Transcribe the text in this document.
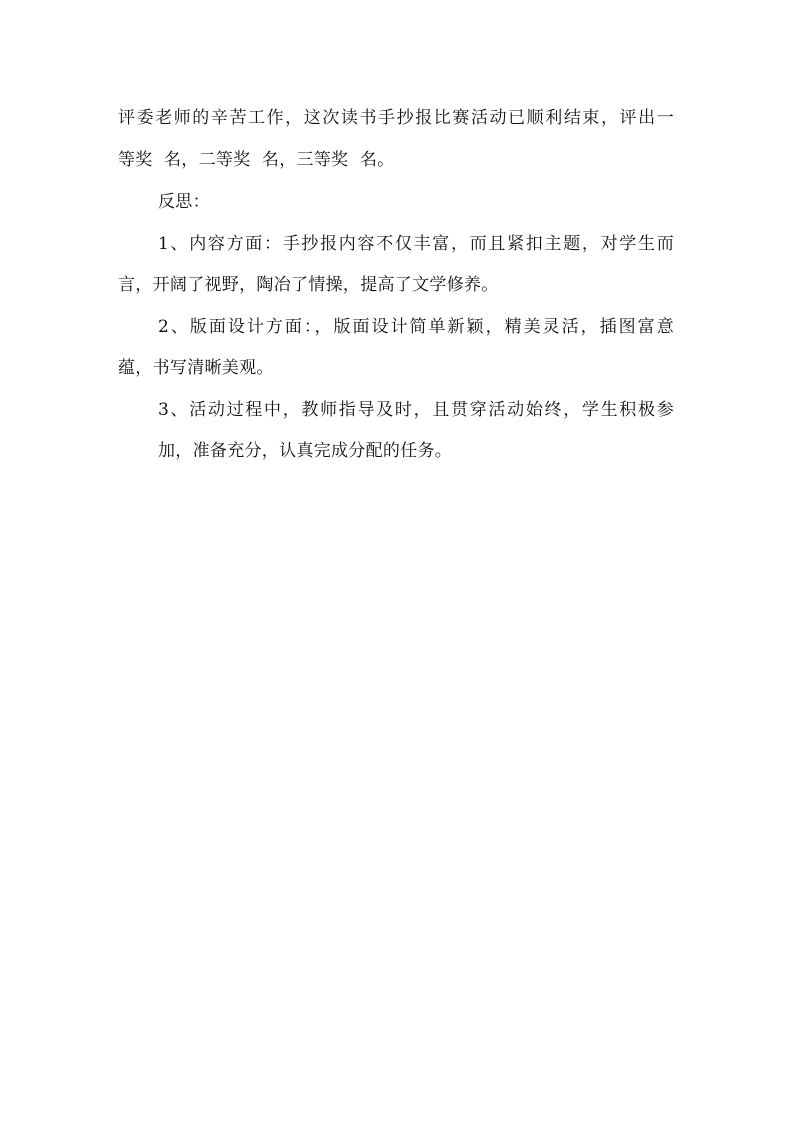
评委老师的辛苦工作，这次读书手抄报比赛活动已顺利结束，评出一
等奖  名，二等奖  名，三等奖  名。
反思：
1、内容方面：手抄报内容不仅丰富，而且紧扣主题，对学生而
言，开阔了视野，陶冶了情操，提高了文学修养。
2、版面设计方面：，版面设计简单新颖，精美灵活，插图富意
蕴，书写清晰美观。
3、活动过程中，教师指导及时，且贯穿活动始终，学生积极参
加，准备充分，认真完成分配的任务。
